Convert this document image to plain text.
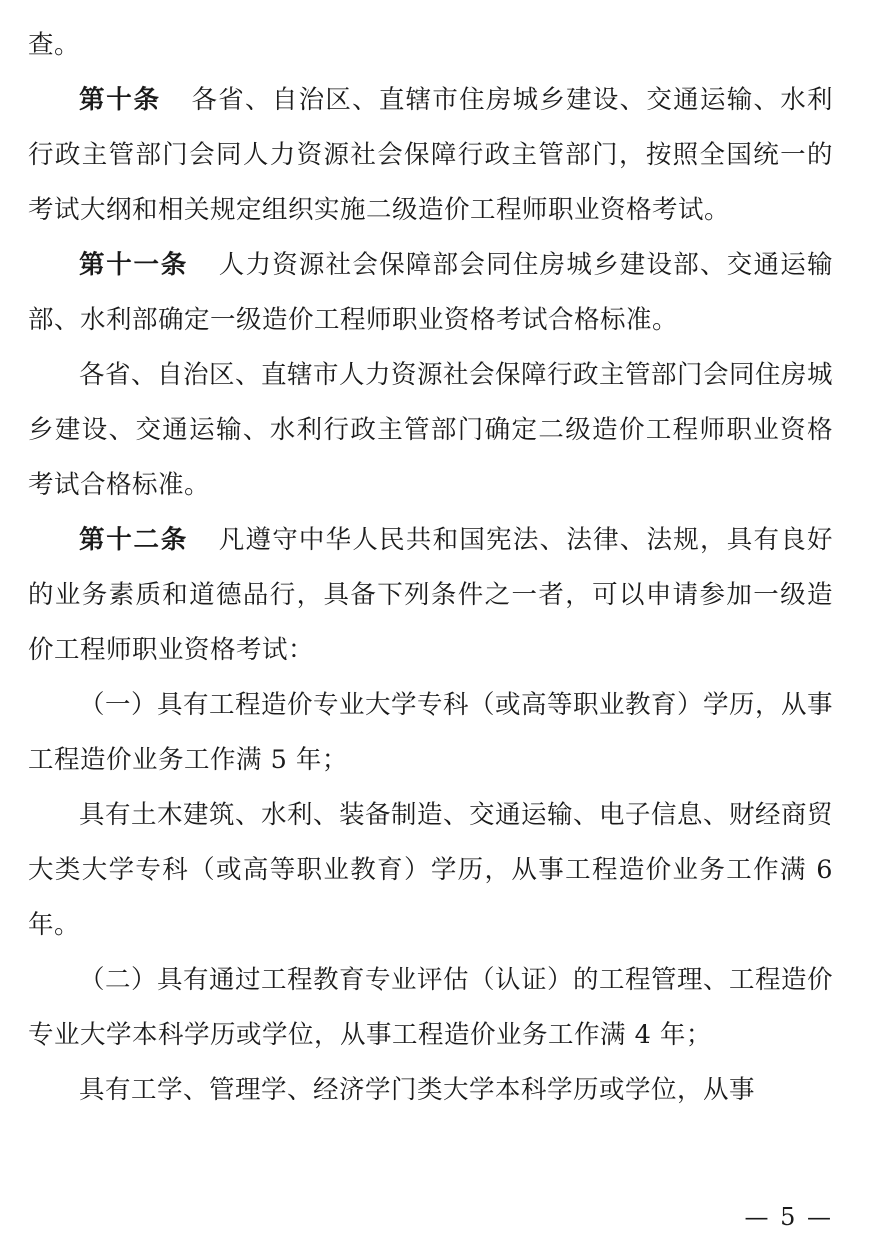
查。

第十条 各省、自治区、直辖市住房城乡建设、交通运输、水利行政主管部门会同人力资源社会保障行政主管部门，按照全国统一的考试大纲和相关规定组织实施二级造价工程师职业资格考试。

第十一条 人力资源社会保障部会同住房城乡建设部、交通运输部、水利部确定一级造价工程师职业资格考试合格标准。

各省、自治区、直辖市人力资源社会保障行政主管部门会同住房城乡建设、交通运输、水利行政主管部门确定二级造价工程师职业资格考试合格标准。

第十二条 凡遵守中华人民共和国宪法、法律、法规，具有良好的业务素质和道德品行，具备下列条件之一者，可以申请参加一级造价工程师职业资格考试：

（一）具有工程造价专业大学专科（或高等职业教育）学历，从事工程造价业务工作满 5 年；

具有土木建筑、水利、装备制造、交通运输、电子信息、财经商贸大类大学专科（或高等职业教育）学历，从事工程造价业务工作满 6 年。

（二）具有通过工程教育专业评估（认证）的工程管理、工程造价专业大学本科学历或学位，从事工程造价业务工作满 4 年；

具有工学、管理学、经济学门类大学本科学历或学位，从事

— 5 —
